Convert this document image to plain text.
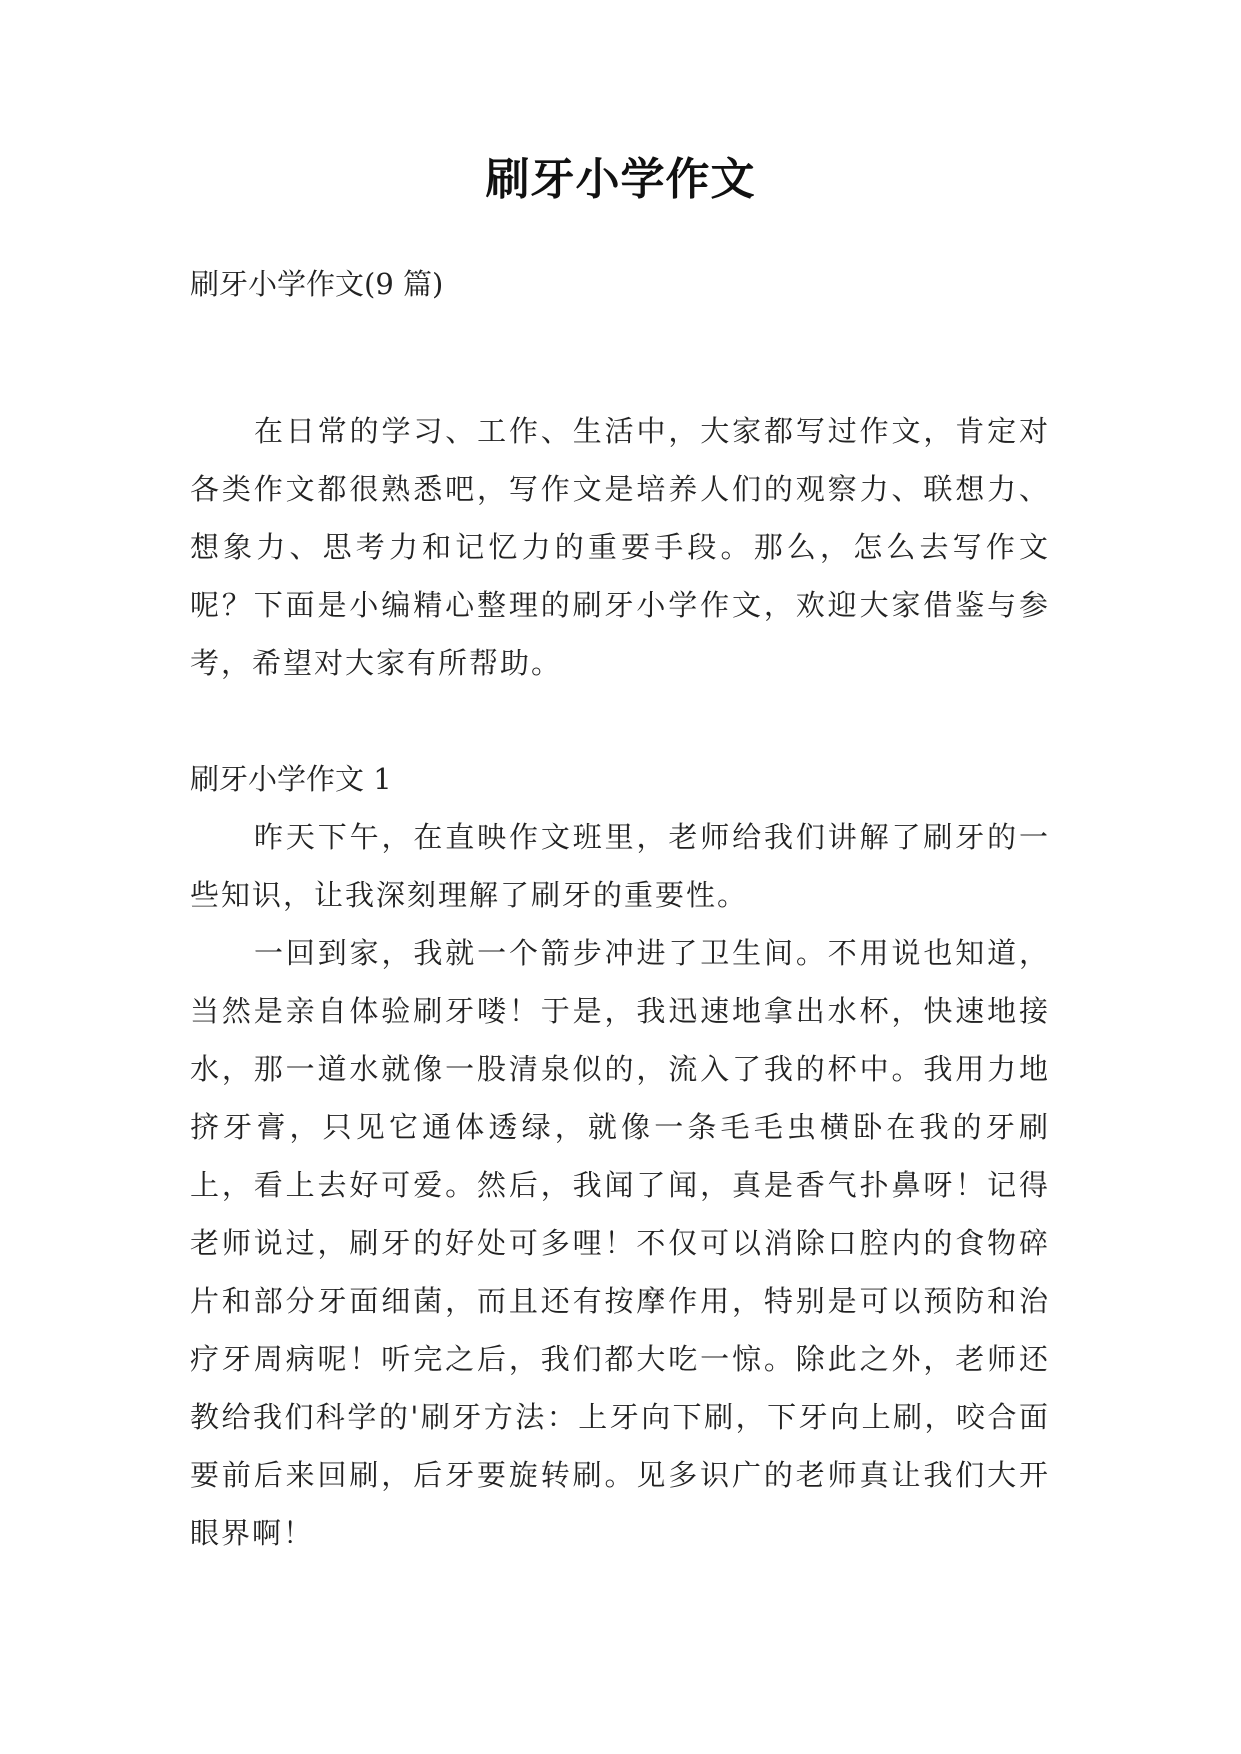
刷牙小学作文
刷牙小学作文(9 篇)

在日常的学习、工作、生活中，大家都写过作文，肯定对各类作文都很熟悉吧，写作文是培养人们的观察力、联想力、想象力、思考力和记忆力的重要手段。那么，怎么去写作文呢？下面是小编精心整理的刷牙小学作文，欢迎大家借鉴与参考，希望对大家有所帮助。

刷牙小学作文 1

昨天下午，在直映作文班里，老师给我们讲解了刷牙的一些知识，让我深刻理解了刷牙的重要性。

一回到家，我就一个箭步冲进了卫生间。不用说也知道，当然是亲自体验刷牙喽！于是，我迅速地拿出水杯，快速地接水，那一道水就像一股清泉似的，流入了我的杯中。我用力地挤牙膏，只见它通体透绿，就像一条毛毛虫横卧在我的牙刷上，看上去好可爱。然后，我闻了闻，真是香气扑鼻呀！记得老师说过，刷牙的好处可多哩！不仅可以消除口腔内的食物碎片和部分牙面细菌，而且还有按摩作用，特别是可以预防和治疗牙周病呢！听完之后，我们都大吃一惊。除此之外，老师还教给我们科学的'刷牙方法：上牙向下刷，下牙向上刷，咬合面要前后来回刷，后牙要旋转刷。见多识广的老师真让我们大开眼界啊！
